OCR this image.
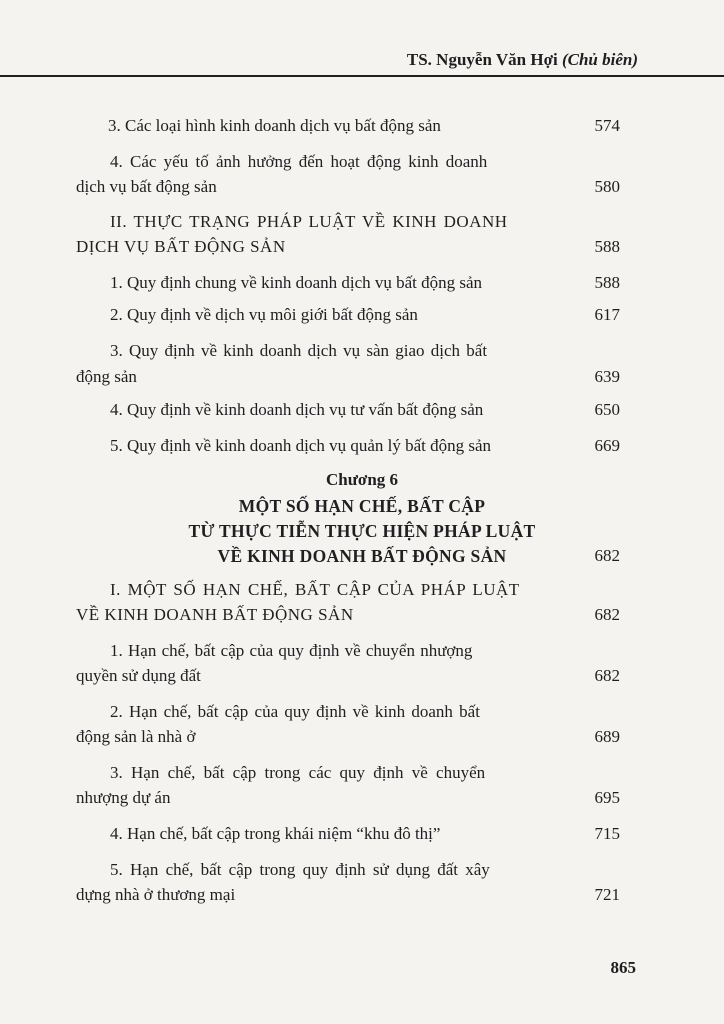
TS. Nguyễn Văn Hợi (Chủ biên)
3. Các loại hình kinh doanh dịch vụ bất động sản	574
4. Các yếu tố ảnh hưởng đến hoạt động kinh doanh
dịch vụ bất động sản	580
II. THỰC TRẠNG PHÁP LUẬT VỀ KINH DOANH
DỊCH VỤ BẤT ĐỘNG SẢN	588
1. Quy định chung về kinh doanh dịch vụ bất động sản	588
2. Quy định về dịch vụ môi giới bất động sản	617
3. Quy định về kinh doanh dịch vụ sàn giao dịch bất
động sản	639
4. Quy định về kinh doanh dịch vụ tư vấn bất động sản	650
5. Quy định về kinh doanh dịch vụ quản lý bất động sản	669
Chương 6
MỘT SỐ HẠN CHẾ, BẤT CẬP
TỪ THỰC TIỄN THỰC HIỆN PHÁP LUẬT
VỀ KINH DOANH BẤT ĐỘNG SẢN	682
I. MỘT SỐ HẠN CHẾ, BẤT CẬP CỦA PHÁP LUẬT
VỀ KINH DOANH BẤT ĐỘNG SẢN	682
1. Hạn chế, bất cập của quy định về chuyển nhượng
quyền sử dụng đất	682
2. Hạn chế, bất cập của quy định về kinh doanh bất
động sản là nhà ở	689
3. Hạn chế, bất cập trong các quy định về chuyển
nhượng dự án	695
4. Hạn chế, bất cập trong khái niệm “khu đô thị”	715
5. Hạn chế, bất cập trong quy định sử dụng đất xây
dựng nhà ở thương mại	721
865
